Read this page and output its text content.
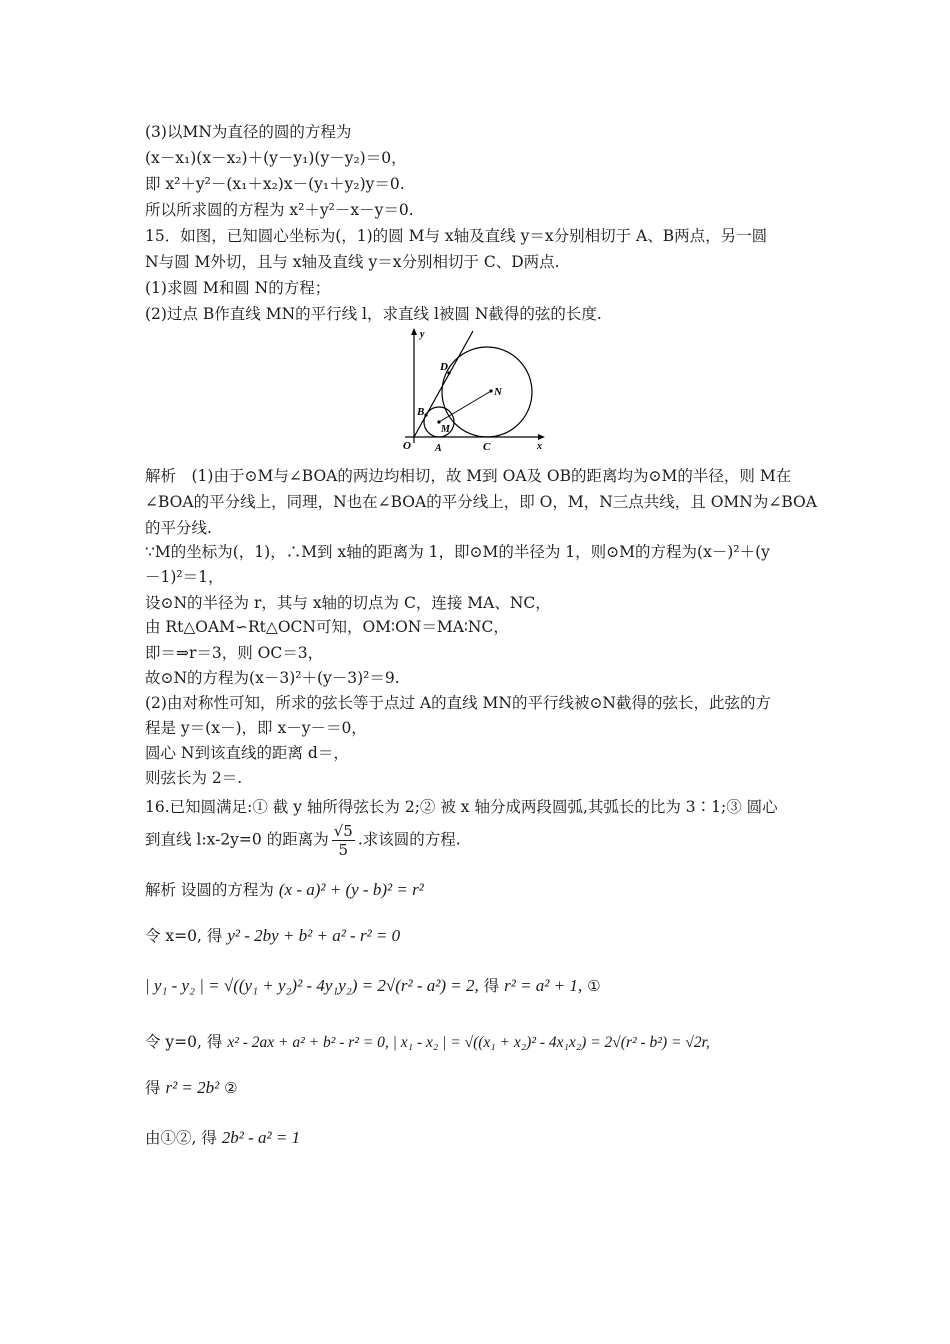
(3)以MN为直径的圆的方程为
(x－x₁)(x－x₂)＋(y－y₁)(y－y₂)＝0，
即 x²＋y²－(x₁＋x₂)x－(y₁＋y₂)y＝0.
所以所求圆的方程为 x²＋y²－x－y＝0.
15．如图，已知圆心坐标为(，1)的圆 M与 x轴及直线 y＝x分别相切于 A、B两点，另一圆
N与圆 M外切，且与 x轴及直线 y＝x分别相切于 C、D两点.
(1)求圆 M和圆 N的方程；
(2)过点 B作直线 MN的平行线 l，求直线 l被圆 N截得的弦的长度.
y
D
N
B
M
O A	C	x
解析　(1)由于⊙M与∠BOA的两边均相切，故 M到 OA及 OB的距离均为⊙M的半径，则 M在
∠BOA的平分线上，同理，N也在∠BOA的平分线上，即 O，M，N三点共线，且 OMN为∠BOA
的平分线.
∵M的坐标为(，1)，∴M到 x轴的距离为 1，即⊙M的半径为 1，则⊙M的方程为(x－)²＋(y
－1)²＝1，
设⊙N的半径为 r，其与 x轴的切点为 C，连接 MA、NC，
由 Rt△OAM∽Rt△OCN可知，OM∶ON＝MA∶NC，
即＝⇒r＝3，则 OC＝3，
故⊙N的方程为(x－3)²＋(y－3)²＝9.
(2)由对称性可知，所求的弦长等于点过 A的直线 MN的平行线被⊙N截得的弦长，此弦的方
程是 y＝(x－)，即 x－y－＝0，
圆心 N到该直线的距离 d＝，
则弦长为 2＝.
16.已知圆满足:① 截 y 轴所得弦长为 2;② 被 x 轴分成两段圆弧,其弧长的比为 3∶1;③ 圆心
到直线 l:x-2y=0 的距离为 $\frac{√5}{5}$ .求该圆的方程.
解析 设圆的方程为 (x - a)² + (y - b)² = r²
令 x=0, 得 y² - 2by + b² + a² - r² = 0
| y₁ - y₂ | = √((y₁ + y₂)² - 4y₁y₂) = 2√(r² - a²) = 2, 得 r² = a² + 1, ①
令 y=0, 得 x² - 2ax + a² + b² - r² = 0, | x₁ - x₂ | = √((x₁ + x₂)² - 4x₁x₂) = 2√(r² - b²) = √2r,
得 r² = 2b² ②
由①②, 得 2b² - a² = 1
